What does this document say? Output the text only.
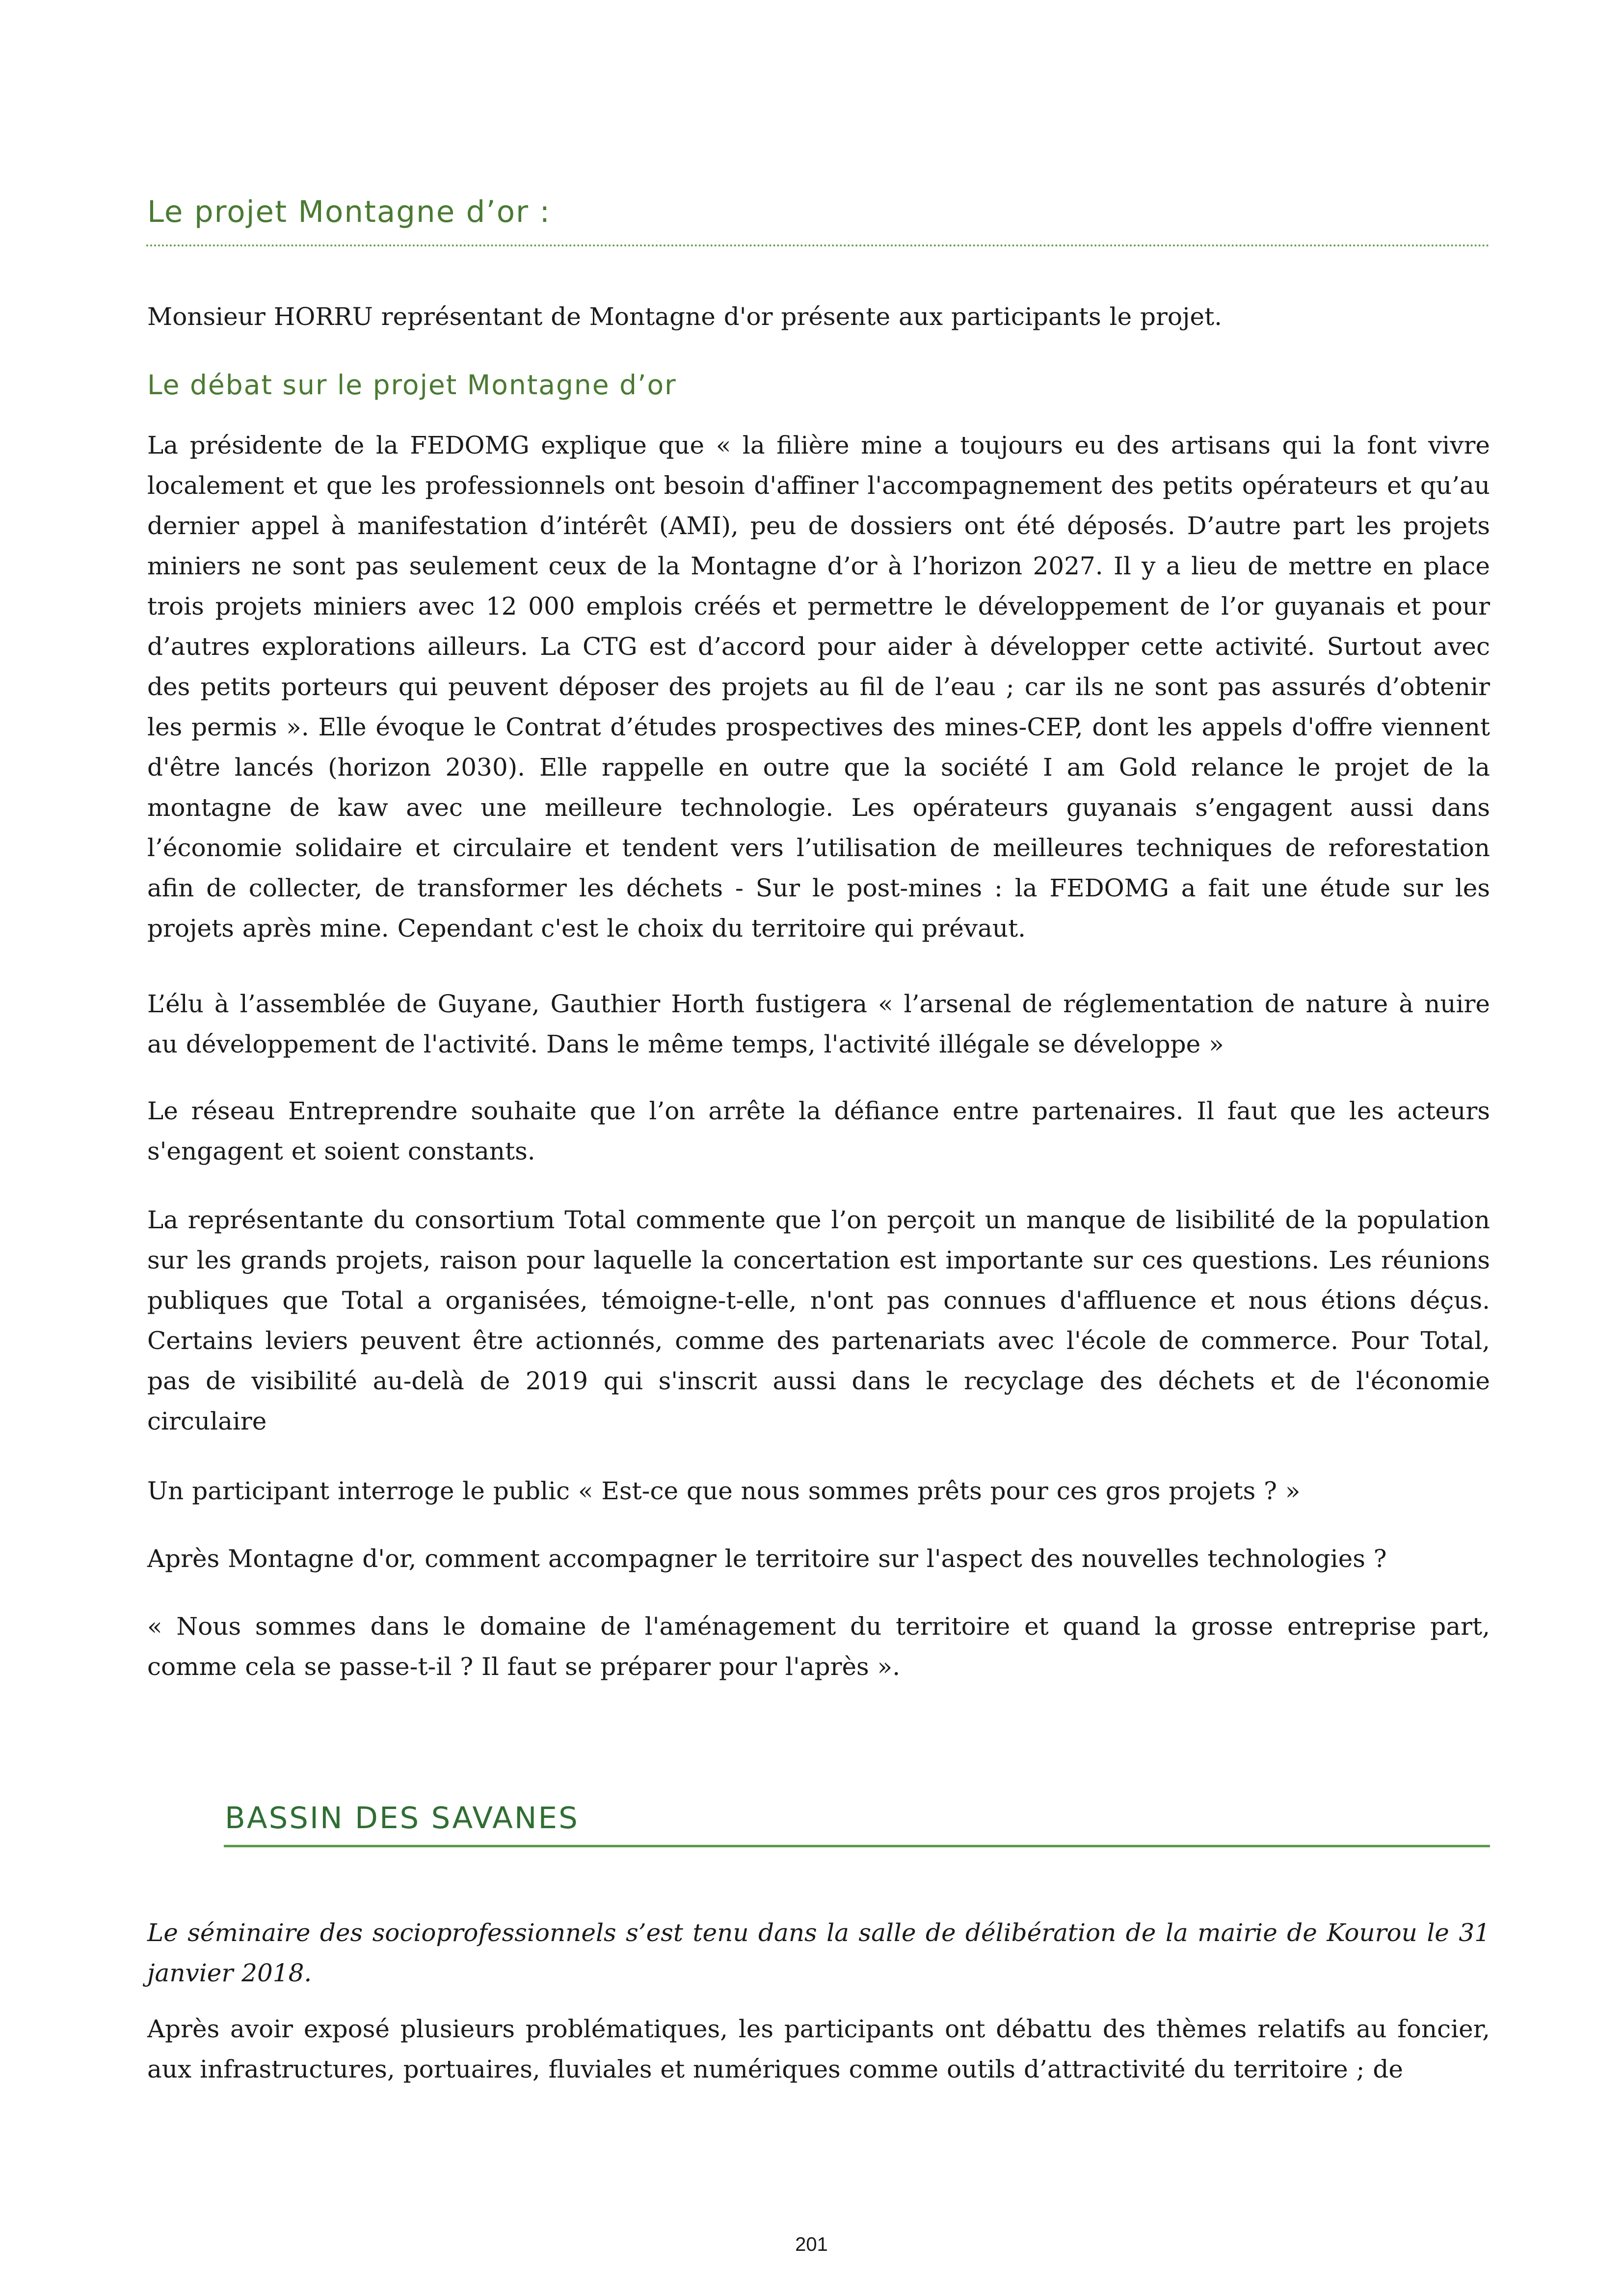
Le projet Montagne d’or :

Monsieur HORRU représentant de Montagne d'or présente aux participants le projet.

Le débat sur le projet Montagne d’or

La présidente de la FEDOMG explique que « la filière mine a toujours eu des artisans qui la font vivre localement et que les professionnels ont besoin d'affiner l'accompagnement des petits opérateurs et qu’au dernier appel à manifestation d’intérêt (AMI), peu de dossiers ont été déposés. D’autre part les projets miniers ne sont pas seulement ceux de la Montagne d’or à l’horizon 2027. Il y a lieu de mettre en place trois projets miniers avec 12 000 emplois créés et permettre le développement de l’or guyanais et pour d’autres explorations ailleurs. La CTG est d’accord pour aider à développer cette activité. Surtout avec des petits porteurs qui peuvent déposer des projets au fil de l’eau ; car ils ne sont pas assurés d’obtenir les permis ». Elle évoque le Contrat d’études prospectives des mines-CEP, dont les appels d'offre viennent d'être lancés (horizon 2030). Elle rappelle en outre que la société I am Gold relance le projet de la montagne de kaw avec une meilleure technologie. Les opérateurs guyanais s’engagent aussi dans l’économie solidaire et circulaire et tendent vers l’utilisation de meilleures techniques de reforestation afin de collecter, de transformer les déchets - Sur le post-mines : la FEDOMG a fait une étude sur les projets après mine. Cependant c'est le choix du territoire qui prévaut.

L’élu à l’assemblée de Guyane, Gauthier Horth fustigera « l’arsenal de réglementation de nature à nuire au développement de l'activité. Dans le même temps, l'activité illégale se développe »

Le réseau Entreprendre souhaite que l’on arrête la défiance entre partenaires. Il faut que les acteurs s'engagent et soient constants.

La représentante du consortium Total commente que l’on perçoit un manque de lisibilité de la population sur les grands projets, raison pour laquelle la concertation est importante sur ces questions. Les réunions publiques que Total a organisées, témoigne-t-elle, n'ont pas connues d'affluence et nous étions déçus. Certains leviers peuvent être actionnés, comme des partenariats avec l'école de commerce. Pour Total, pas de visibilité au-delà de 2019 qui s'inscrit aussi dans le recyclage des déchets et de l'économie circulaire

Un participant interroge le public « Est-ce que nous sommes prêts pour ces gros projets ? »

Après Montagne d'or, comment accompagner le territoire sur l'aspect des nouvelles technologies ?

« Nous sommes dans le domaine de l'aménagement du territoire et quand la grosse entreprise part, comme cela se passe-t-il ? Il faut se préparer pour l'après ».

BASSIN DES SAVANES

Le séminaire des socioprofessionnels s’est tenu dans la salle de délibération de la mairie de Kourou le 31 janvier 2018.

Après avoir exposé plusieurs problématiques, les participants ont débattu des thèmes relatifs au foncier, aux infrastructures, portuaires, fluviales et numériques comme outils d’attractivité du territoire ; de

201
